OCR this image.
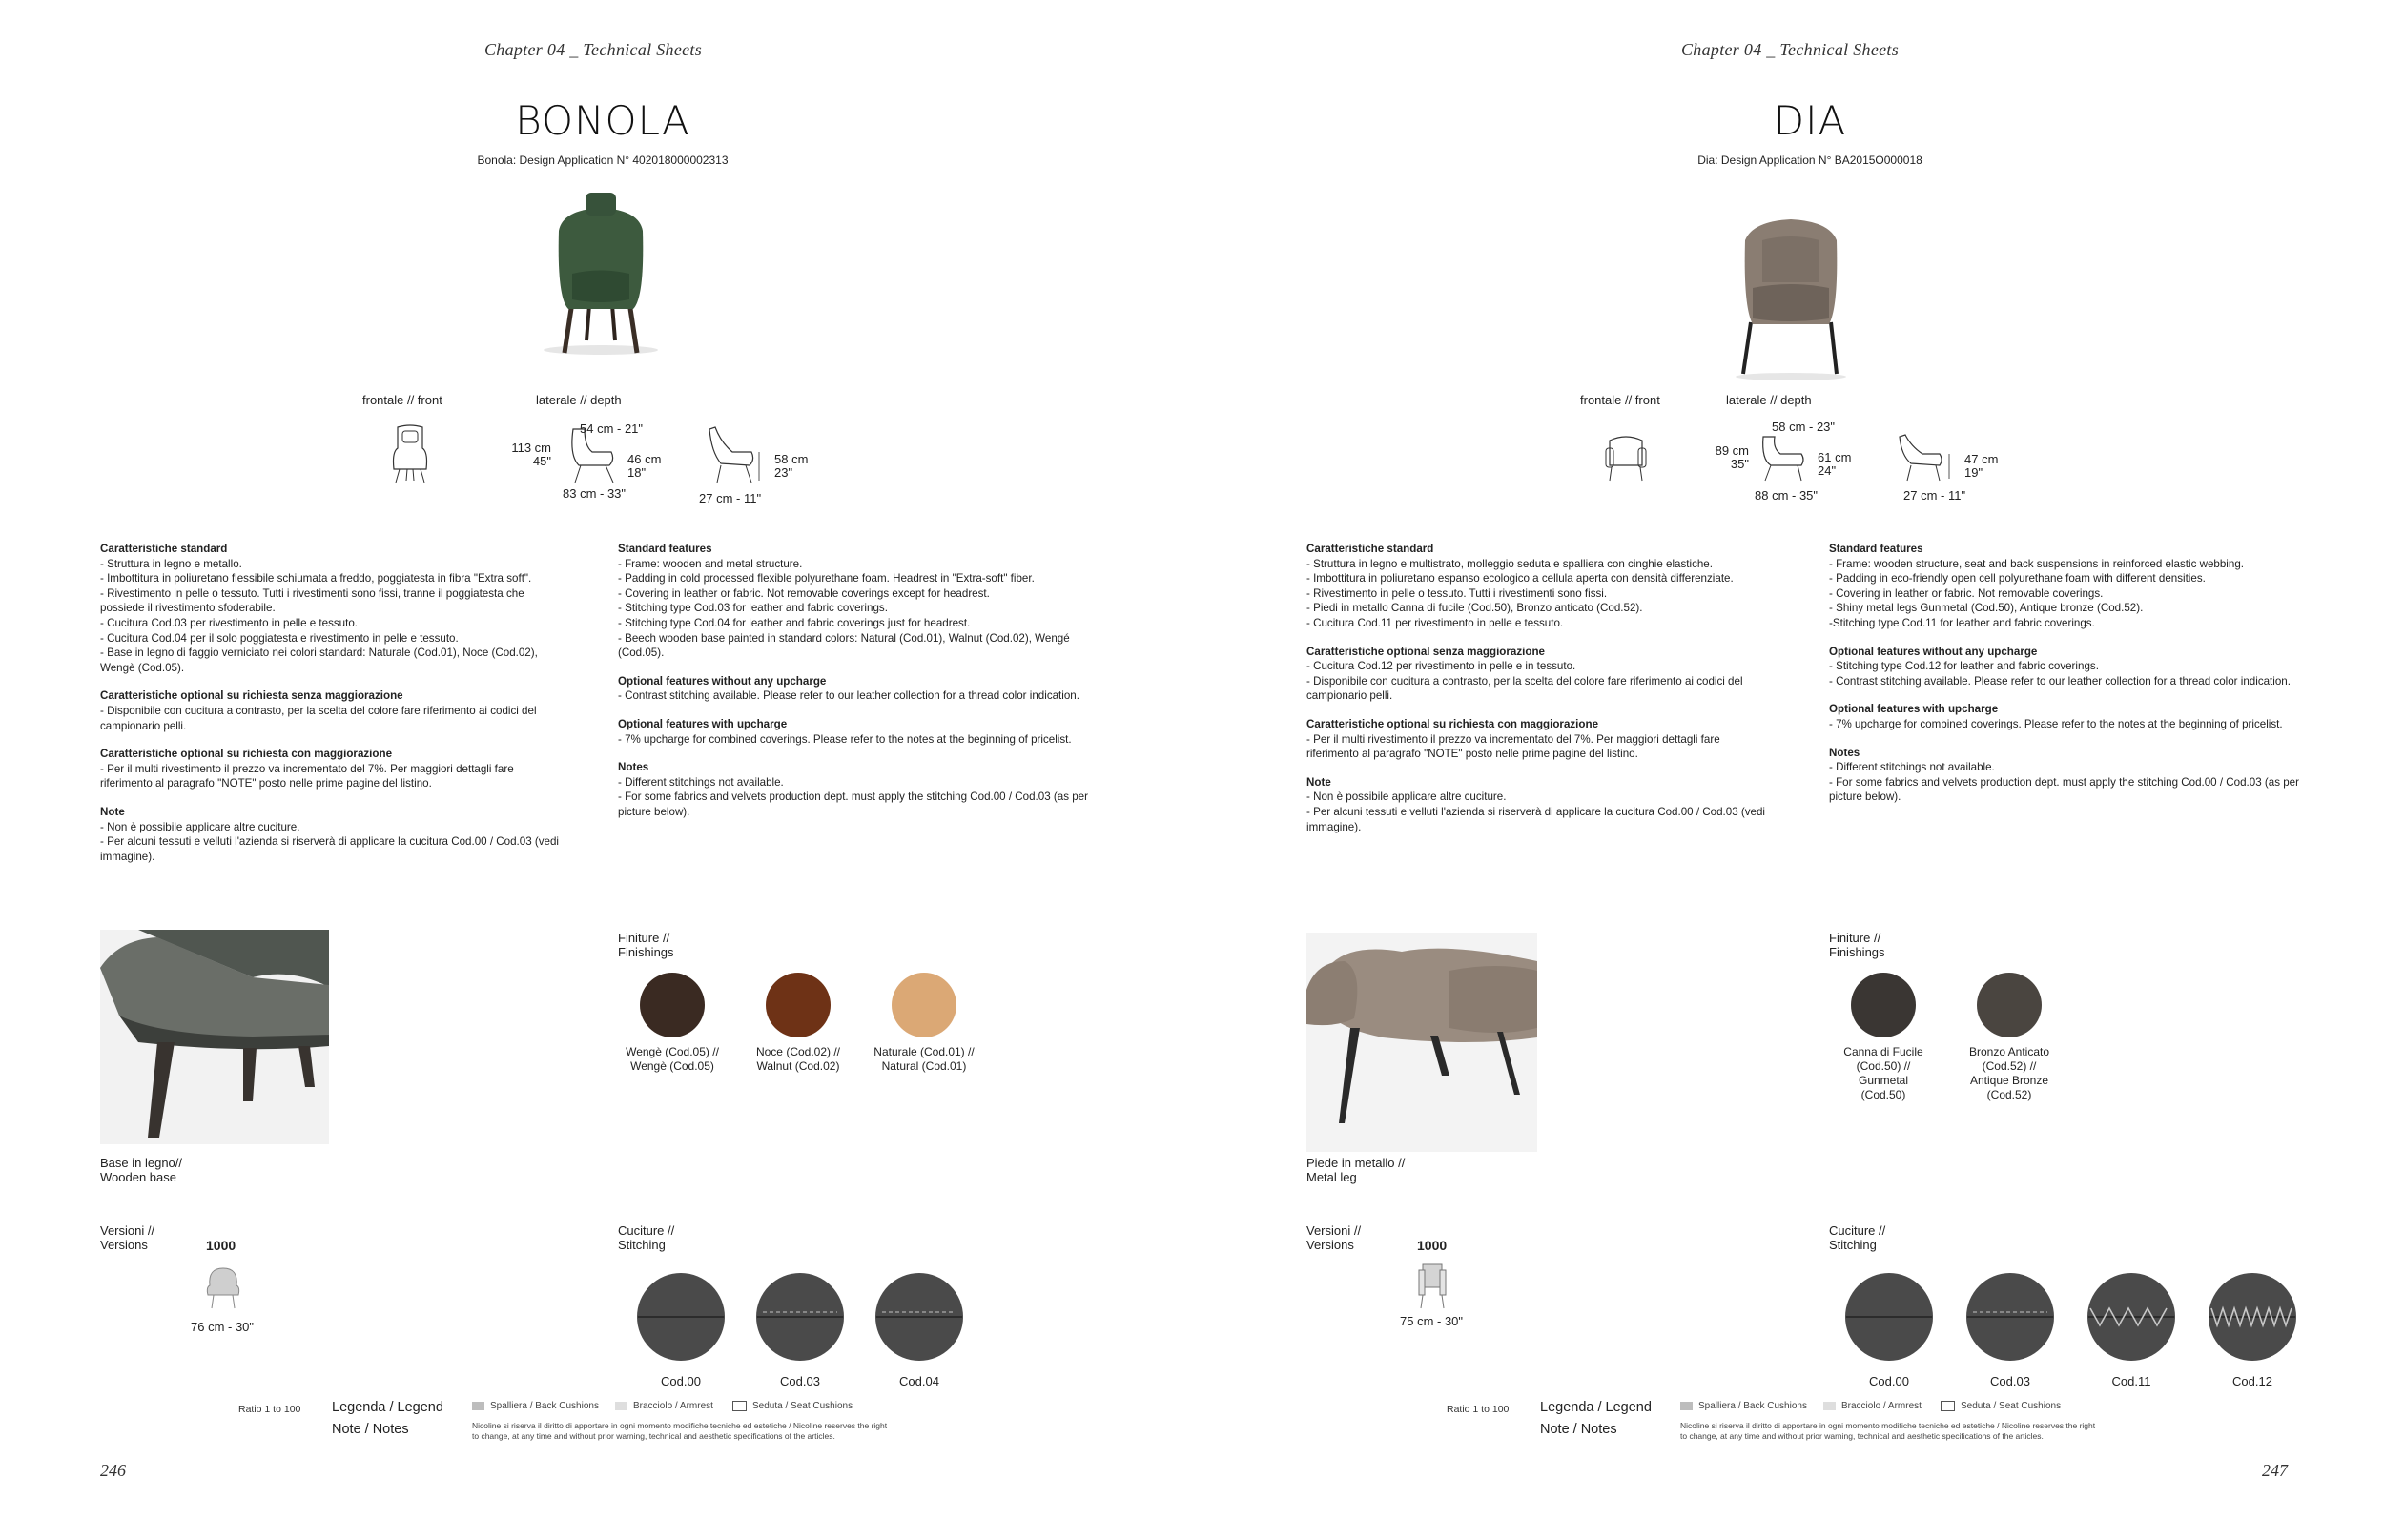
Chapter 04 _ Technical Sheets
BONOLA
Bonola: Design Application N° 402018000002313
frontale // front	laterale // depth
54 cm - 21"
113 cm
45"	46 cm
18"
83 cm - 33"
58 cm
23"
27 cm - 11"

Caratteristiche standard
- Struttura in legno e metallo.
- Imbottitura in poliuretano flessibile schiumata a freddo, poggiatesta in fibra "Extra soft".
- Rivestimento in pelle o tessuto. Tutti i rivestimenti sono fissi, tranne il poggiatesta che possiede il rivestimento sfoderabile.
- Cucitura Cod.03 per rivestimento in pelle e tessuto.
- Cucitura Cod.04 per il solo poggiatesta e rivestimento in pelle e tessuto.
- Base in legno di faggio verniciato nei colori standard: Naturale (Cod.01), Noce (Cod.02), Wengè (Cod.05).

Caratteristiche optional su richiesta senza maggiorazione
- Disponibile con cucitura a contrasto, per la scelta del colore fare riferimento ai codici del campionario pelli.

Caratteristiche optional su richiesta con maggiorazione
- Per il multi rivestimento il prezzo va incrementato del 7%. Per maggiori dettagli fare riferimento al paragrafo "NOTE" posto nelle prime pagine del listino.

Note
- Non è possibile applicare altre cuciture.
- Per alcuni tessuti e velluti l'azienda si riserverà di applicare la cucitura Cod.00 / Cod.03 (vedi immagine).

Standard features
- Frame: wooden and metal structure.
- Padding in cold processed flexible polyurethane foam. Headrest in "Extra-soft" fiber.
- Covering in leather or fabric. Not removable coverings except for headrest.
- Stitching type Cod.03 for leather and fabric coverings.
- Stitching type Cod.04 for leather and fabric coverings just for headrest.
- Beech wooden base painted in standard colors: Natural (Cod.01), Walnut (Cod.02), Wengé (Cod.05).

Optional features without any upcharge
- Contrast stitching available. Please refer to our leather collection for a thread color indication.

Optional features with upcharge
- 7% upcharge for combined coverings. Please refer to the notes at the beginning of pricelist.

Notes
- Different stitchings not available.
- For some fabrics and velvets production dept. must apply the stitching Cod.00 / Cod.03 (as per picture below).

Base in legno//
Wooden base
Finiture //
Finishings
Wengè (Cod.05) //
Wengè (Cod.05)
Noce (Cod.02) //
Walnut (Cod.02)
Naturale (Cod.01) //
Natural (Cod.01)
Versioni //
Versions	1000
76 cm - 30"
Cuciture //
Stitching
Cod.00	Cod.03	Cod.04
Ratio 1 to 100 Legenda / Legend
Note / Notes
Spalliera / Back Cushions	Bracciolo / Armrest	Seduta / Seat Cushions
Nicoline si riserva il diritto di apportare in ogni momento modifiche tecniche ed estetiche / Nicoline reserves the right
to change, at any time and without prior warning, technical and aesthetic specifications of the articles.
246
Chapter 04 _ Technical Sheets
DIA
Dia: Design Application N° BA2015O000018
frontale // front	laterale // depth
58 cm - 23"
89 cm
35"	61 cm
24"
88 cm - 35"
47 cm
19"
27 cm - 11"

Caratteristiche standard
- Struttura in legno e multistrato, molleggio seduta e spalliera con cinghie elastiche.
- Imbottitura in poliuretano espanso ecologico a cellula aperta con densità differenziate.
- Rivestimento in pelle o tessuto. Tutti i rivestimenti sono fissi.
- Piedi in metallo Canna di fucile (Cod.50), Bronzo anticato (Cod.52).
- Cucitura Cod.11 per rivestimento in pelle e tessuto.

Caratteristiche optional senza maggiorazione
- Cucitura Cod.12 per rivestimento in pelle e in tessuto.
- Disponibile con cucitura a contrasto, per la scelta del colore fare riferimento ai codici del campionario pelli.

Caratteristiche optional su richiesta con maggiorazione
- Per il multi rivestimento il prezzo va incrementato del 7%. Per maggiori dettagli fare riferimento al paragrafo "NOTE" posto nelle prime pagine del listino.

Note
- Non è possibile applicare altre cuciture.
- Per alcuni tessuti e velluti l'azienda si riserverà di applicare la cucitura Cod.00 / Cod.03 (vedi immagine).

Standard features
- Frame: wooden structure, seat and back suspensions in reinforced elastic webbing.
- Padding in eco-friendly open cell polyurethane foam with different densities.
- Covering in leather or fabric. Not removable coverings.
- Shiny metal legs Gunmetal (Cod.50), Antique bronze (Cod.52).
-Stitching type Cod.11 for leather and fabric coverings.

Optional features without any upcharge
- Stitching type Cod.12 for leather and fabric coverings.
- Contrast stitching available. Please refer to our leather collection for a thread color indication.

Optional features with upcharge
- 7% upcharge for combined coverings. Please refer to the notes at the beginning of pricelist.

Notes
- Different stitchings not available.
- For some fabrics and velvets production dept. must apply the stitching Cod.00 / Cod.03 (as per picture below).

Piede in metallo //
Metal leg
Finiture //
Finishings
Canna di Fucile
(Cod.50) //
Gunmetal
(Cod.50)
Bronzo Anticato
(Cod.52) //
Antique Bronze
(Cod.52)
Versioni //
Versions	1000
75 cm - 30"
Cuciture //
Stitching
Cod.00	Cod.03	Cod.11	Cod.12
Ratio 1 to 100 Legenda / Legend
Note / Notes
Spalliera / Back Cushions	Bracciolo / Armrest	Seduta / Seat Cushions
Nicoline si riserva il diritto di apportare in ogni momento modifiche tecniche ed estetiche / Nicoline reserves the right
to change, at any time and without prior warning, technical and aesthetic specifications of the articles.
247
